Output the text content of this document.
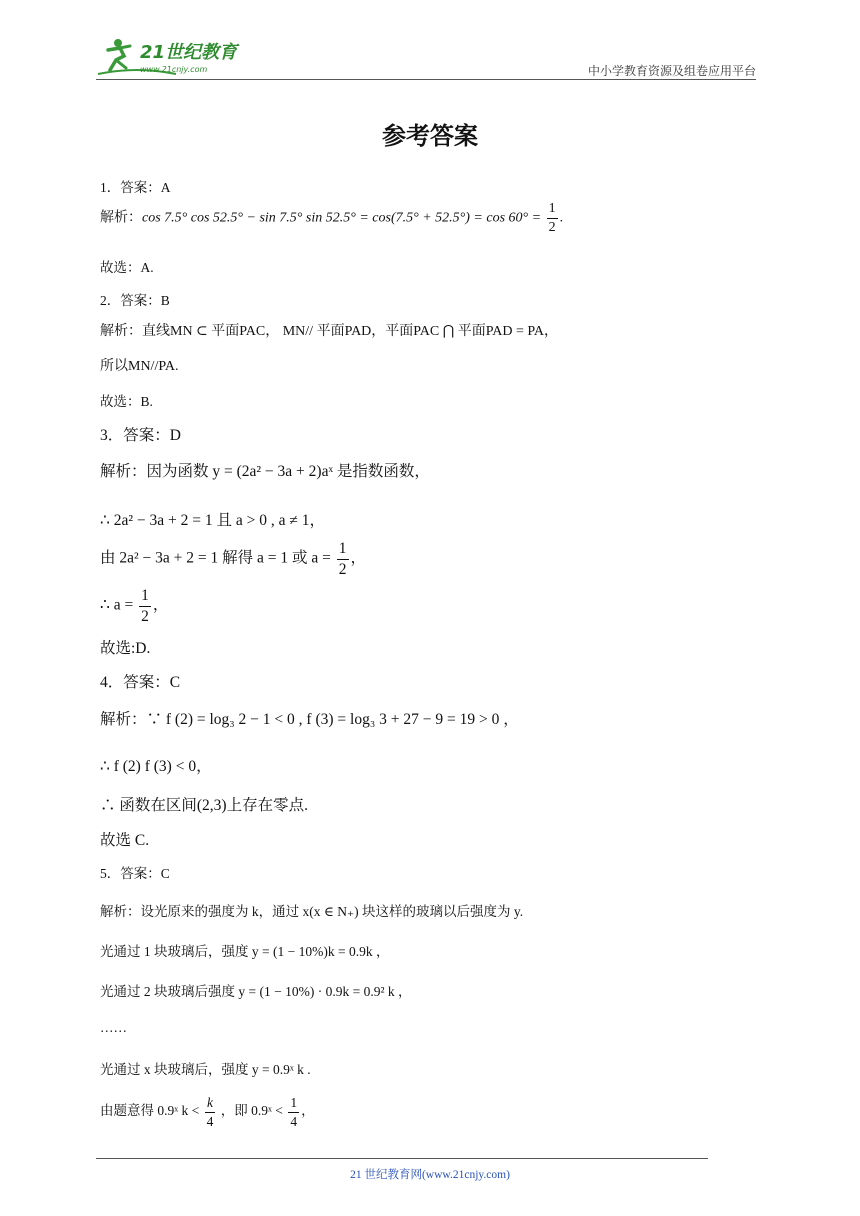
21世纪教育
www.21cnjy.com	中小学教育资源及组卷应用平台
参考答案
1．答案：A
解析：cos 7.5° cos 52.5° − sin 7.5° $\sin 52.5^\circ = \cos(7.5^\circ + 52.5^\circ) = \cos 60^\circ = \frac{1}{2}$ .
故选：A.
2．答案：B
解析：直线MN ⊂ 平面PAC， MN// 平面PAD，平面PAC ⋂ 平面PAD = PA，
所以MN//PA.
故选：B.
3．答案：D
解析：因为函数 y = (2a² − 3a + 2)aˣ 是指数函数，
∴ 2a² − 3a + 2 = 1 且 a > 0 , a ≠ 1，
由 2a² − 3a + 2 = 1 解得 a = 1 或 $a = \frac{1}{2}$ ，
∴ $a = \frac{1}{2}$ ，
故选:D.
4．答案：C
解析：∵ f (2) = log₃ 2 − 1 < 0 , f (3) = log₃ 3 + 27 − 9 = 19 > 0 ，
∴ f (2) f (3) < 0，
∴ 函数在区间(2,3)上存在零点.
故选 C.
5．答案：C
解析：设光原来的强度为 k，通过 x(x ∈ N₊) 块这样的玻璃以后强度为 y.
光通过 1 块玻璃后，强度 y = (1 − 10%)k = 0.9k ，
光通过 2 块玻璃后强度 y = (1 − 10%) · 0.9k = 0.9² k ，
……
光通过 x 块玻璃后，强度 y = 0.9ˣ k .
由题意得 0.9ˣ $k < \frac{k}{4}$ ，即 0.9ˣ < $\frac{1}{4}$ ，
21 世纪教育网(www.21cnjy.com)
